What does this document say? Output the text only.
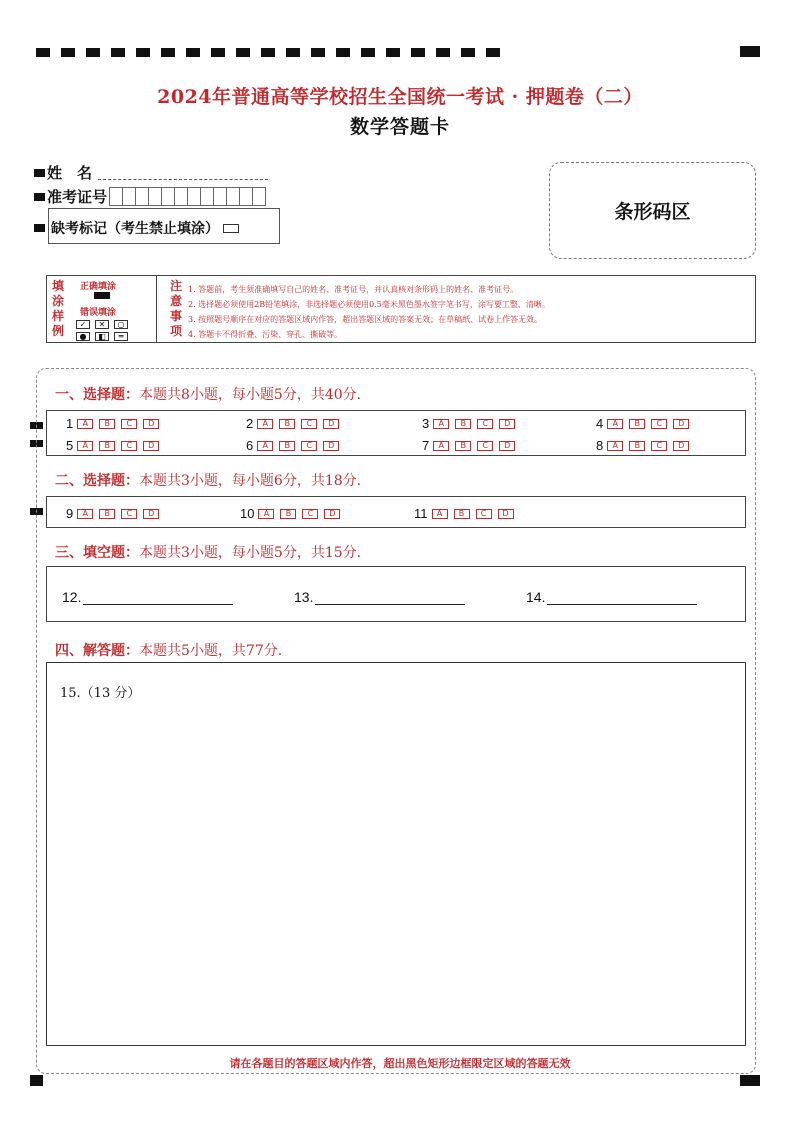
2024年普通高等学校招生全国统一考试 · 押题卷（二）
数学答题卡
姓　名
准考证号
缺考标记（考生禁止填涂）
条形码区
填涂样例
正确填涂
错误填涂
✓	✕	○
●	◧	═
注意事项
1. 答题前，考生须准确填写自己的姓名、准考证号，并认真核对条形码上的姓名、准考证号。
2. 选择题必须使用2B铅笔填涂，非选择题必须使用0.5毫米黑色墨水签字笔书写，涂写要工整、清晰。
3. 按照题号顺序在对应的答题区域内作答，超出答题区域的答案无效；在草稿纸、试卷上作答无效。
4. 答题卡不得折叠、污染、穿孔、撕破等。
一、选择题：本题共8小题，每小题5分，共40分.
二、选择题：本题共3小题，每小题6分，共18分.
三、填空题：本题共3小题，每小题5分，共15分.
四、解答题：本题共5小题，共77分.
15.（13 分）
1	A	B	C	D	2	A	B	C	D	3	A	B	C	D	4	A	B	C	D
5	A	B	C	D	6	A	B	C	D	7	A	B	C	D	8	A	B	C	D
9	A	B	C	D	10	A	B	C	D	11	A	B	C	D
12.	13.	14.
请在各题目的答题区域内作答，超出黑色矩形边框限定区域的答题无效
